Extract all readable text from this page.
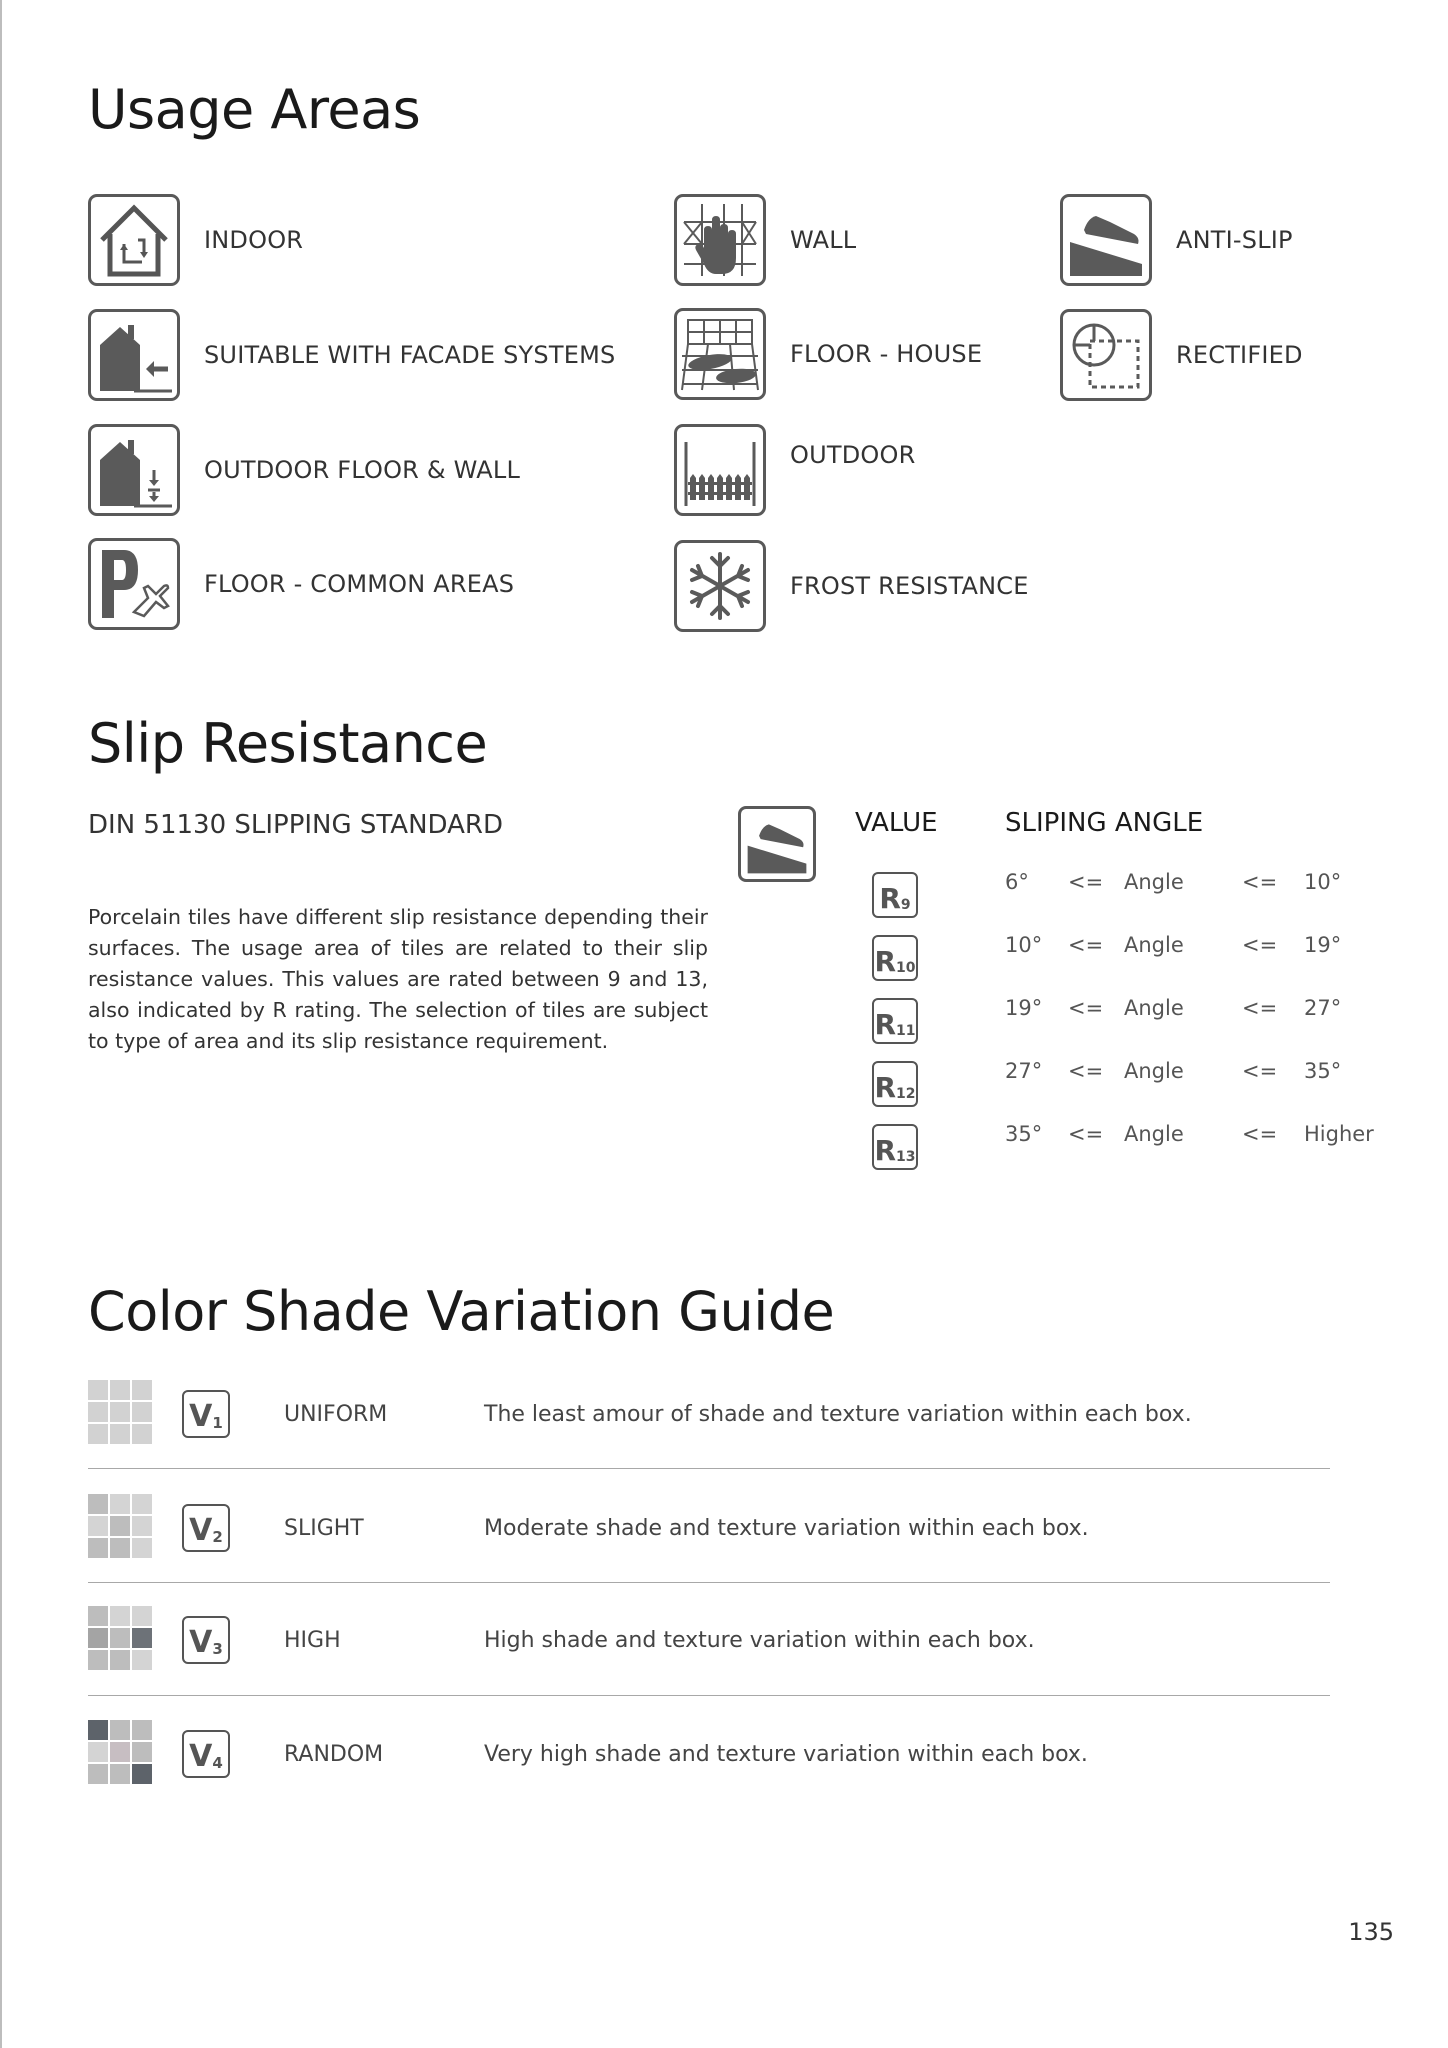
Usage Areas
INDOOR
SUITABLE WITH FACADE SYSTEMS
OUTDOOR FLOOR & WALL
FLOOR - COMMON AREAS
WALL
FLOOR - HOUSE
OUTDOOR
FROST RESISTANCE
ANTI-SLIP
RECTIFIED
Slip Resistance
DIN 51130 SLIPPING STANDARD
Porcelain tiles have different slip resistance depending their surfaces. The usage area of tiles are related to their slip resistance values. This values are rated between 9 and 13, also indicated by R rating. The selection of tiles are subject to type of area and its slip resistance requirement.
VALUE	SLIPING ANGLE
R 9
6° <= Angle	<= 10°
R 10
10° <= Angle	<= 19°
R 11
19° <= Angle	<= 27°
R 12
27° <= Angle	<= 35°
R 13
35° <= Angle	<= Higher
Color Shade Variation Guide
V 1	UNIFORM	The least amour of shade and texture variation within each box.
V 2	SLIGHT	Moderate shade and texture variation within each box.
V 3	HIGH	High shade and texture variation within each box.
V 4	RANDOM	Very high shade and texture variation within each box.
135
